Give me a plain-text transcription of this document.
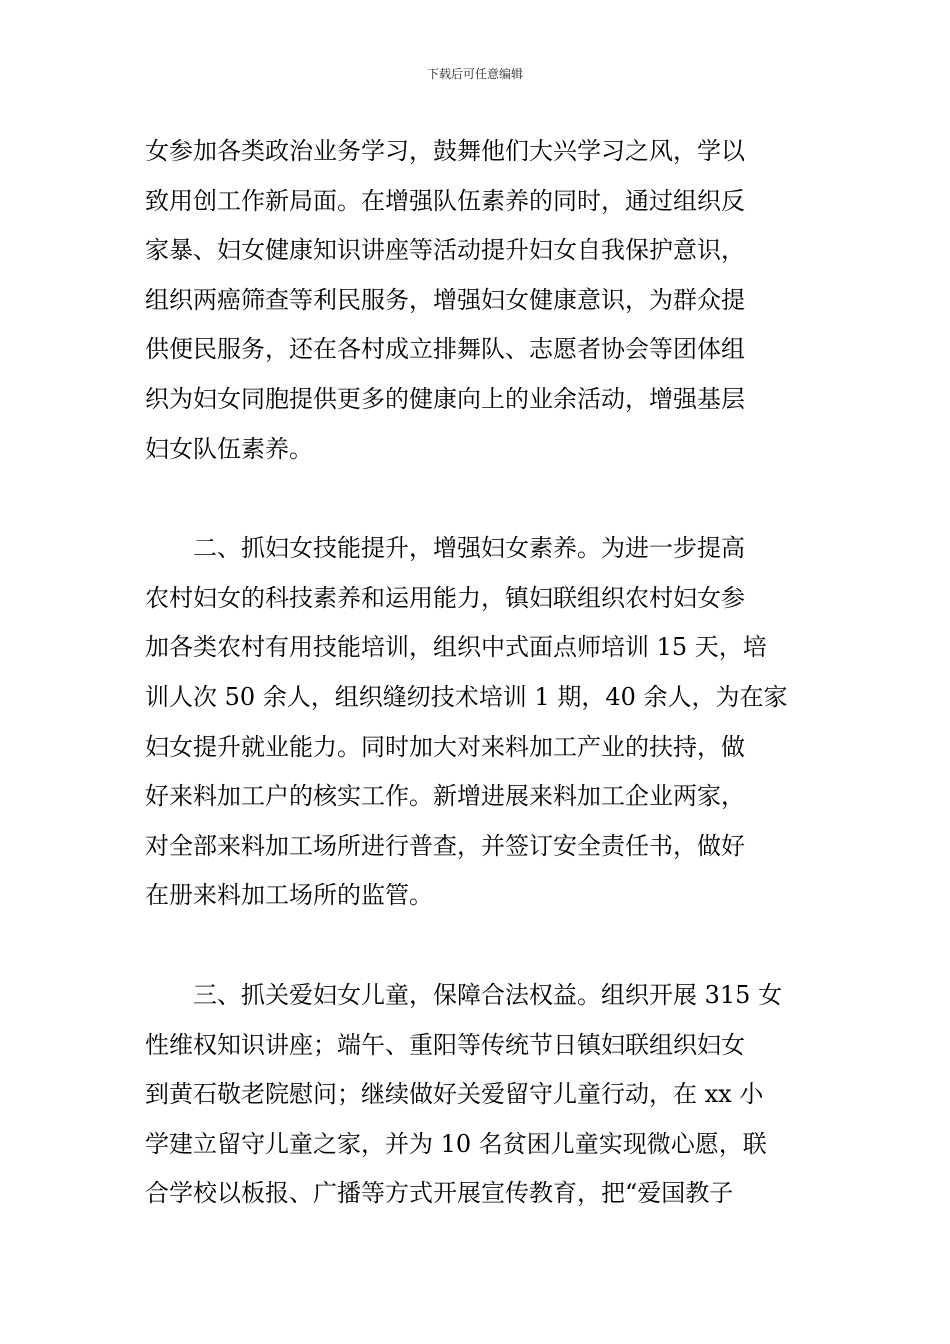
下载后可任意编辑

女参加各类政治业务学习，鼓舞他们大兴学习之风，学以
致用创工作新局面。在增强队伍素养的同时，通过组织反
家暴、妇女健康知识讲座等活动提升妇女自我保护意识，
组织两癌筛查等利民服务，增强妇女健康意识，为群众提
供便民服务，还在各村成立排舞队、志愿者协会等团体组
织为妇女同胞提供更多的健康向上的业余活动，增强基层
妇女队伍素养。

　　二、抓妇女技能提升，增强妇女素养。为进一步提高
农村妇女的科技素养和运用能力，镇妇联组织农村妇女参
加各类农村有用技能培训，组织中式面点师培训 15 天，培
训人次 50 余人，组织缝纫技术培训 1 期，40 余人，为在家
妇女提升就业能力。同时加大对来料加工产业的扶持，做
好来料加工户的核实工作。新增进展来料加工企业两家，
对全部来料加工场所进行普查，并签订安全责任书，做好
在册来料加工场所的监管。

　　三、抓关爱妇女儿童，保障合法权益。组织开展 315 女
性维权知识讲座；端午、重阳等传统节日镇妇联组织妇女
到黄石敬老院慰问；继续做好关爱留守儿童行动，在 xx 小
学建立留守儿童之家，并为 10 名贫困儿童实现微心愿，联
合学校以板报、广播等方式开展宣传教育，把“爱国教子
